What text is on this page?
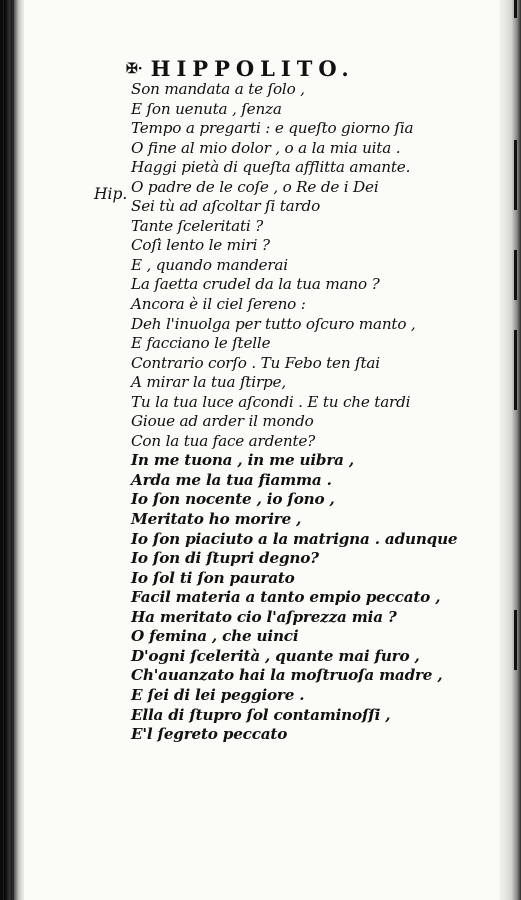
✠· HIPPOLITO.
Hip.
Son mandata a te ſolo ,
E ſon uenuta , ſenza
Tempo a pregarti : e queſto giorno ſia
O fine al mio dolor , o a la mia uita .
Haggi pietà di queſta afflitta amante.
O padre de le coſe , o Re de i Dei
Sei tù ad aſcoltar ſi tardo
Tante ſceleritati ?
Coſì lento le miri ?
E , quando manderai
La ſaetta crudel da la tua mano ?
Ancora è il ciel ſereno :
Deh l'inuolga per tutto oſcuro manto ,
E facciano le ſtelle
Contrario corſo . Tu Febo ten ſtai
A mirar la tua ſtirpe,
Tu la tua luce aſcondi . E tu che tardi
Gioue ad arder il mondo
Con la tua face ardente?
In me tuona , in me uibra ,
Arda me la tua fiamma .
Io ſon nocente , io ſono ,
Meritato ho morire ,
Io ſon piaciuto a la matrigna . adunque
Io ſon di ſtupri degno?
Io ſol ti ſon paurato
Facil materia a tanto empio peccato ,
Ha meritato cio l'aſprezza mia ?
O femina , che uinci
D'ogni ſcelerità , quante mai furo ,
Ch'auanzato hai la moſtruoſa madre ,
E ſei di lei peggiore .
Ella di ſtupro ſol contaminoſſi ,
E'l ſegreto peccato
